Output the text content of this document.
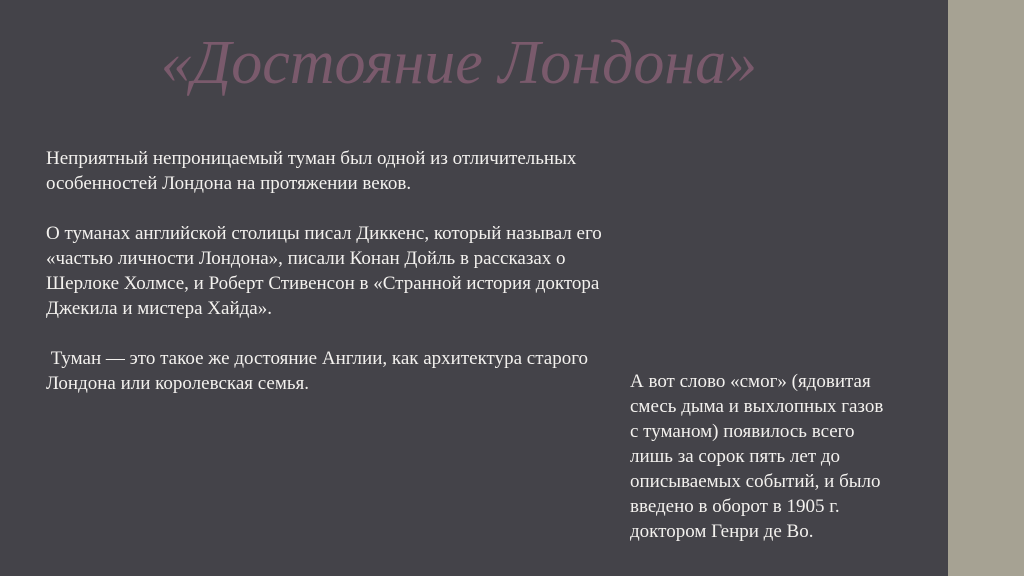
«Достояние Лондона»

Неприятный непроницаемый туман был одной из отличительных особенностей Лондона на протяжении веков.

О туманах английской столицы писал Диккенс, который называл его «частью личности Лондона», писали Конан Дойль в рассказах о Шерлоке Холмсе, и Роберт Стивенсон в «Странной история доктора Джекила и мистера Хайда».

Туман — это такое же достояние Англии, как архитектура старого Лондона или королевская семья.	А вот слово «смог» (ядовитая
смесь дыма и выхлопных газов
с туманом) появилось всего
лишь за сорок пять лет до
описываемых событий, и было
введено в оборот в 1905 г.
доктором Генри де Во.
